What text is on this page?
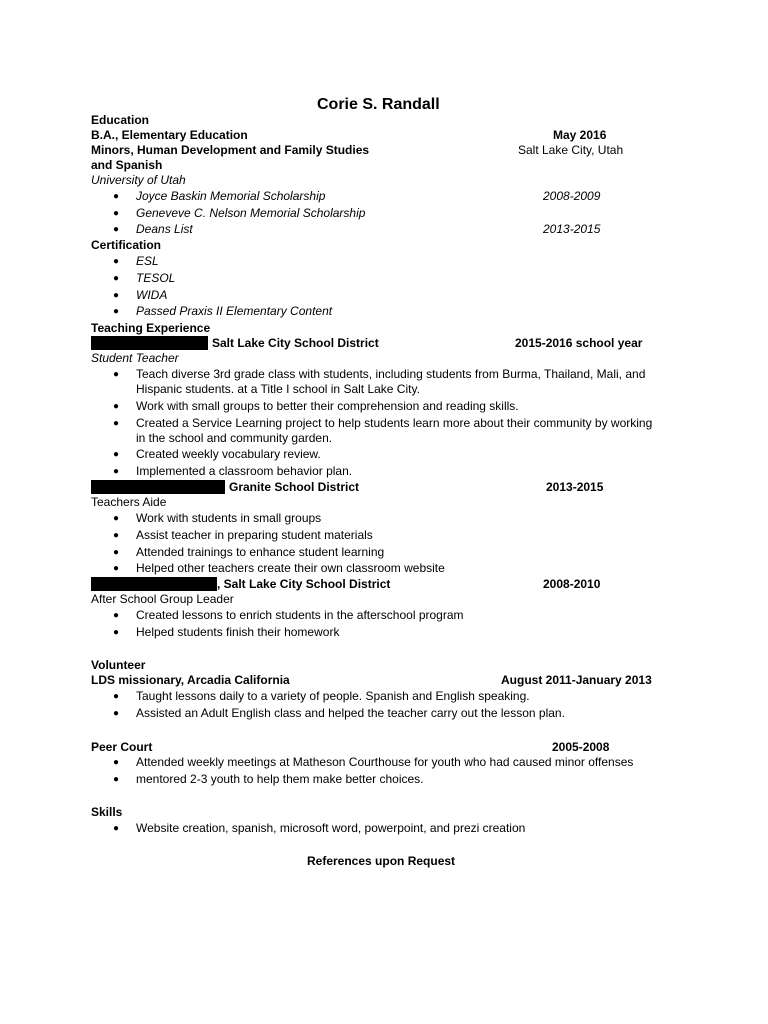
Corie S. Randall
Education
B.A., Elementary Education	May 2016
Minors, Human Development and Family Studies	Salt Lake City, Utah
and Spanish
University of Utah
● Joyce Baskin Memorial Scholarship	2008-2009
● Geneveve C. Nelson Memorial Scholarship
● Deans List	2013-2015
Certification
● ESL
● TESOL
● WIDA
● Passed Praxis II Elementary Content
Teaching Experience
Salt Lake City School District	2015-2016 school year
Student Teacher
● Teach diverse 3rd grade class with students, including students from Burma, Thailand, Mali, and
Hispanic students. at a Title I school in Salt Lake City.
● Work with small groups to better their comprehension and reading skills.
● Created a Service Learning project to help students learn more about their community by working
in the school and community garden.
● Created weekly vocabulary review.
● Implemented a classroom behavior plan.
Granite School District	2013-2015
Teachers Aide
● Work with students in small groups
● Assist teacher in preparing student materials
● Attended trainings to enhance student learning
● Helped other teachers create their own classroom website
, Salt Lake City School District	2008-2010
After School Group Leader
● Created lessons to enrich students in the afterschool program
● Helped students finish their homework
Volunteer
LDS missionary, Arcadia California	August 2011-January 2013
● Taught lessons daily to a variety of people. Spanish and English speaking.
● Assisted an Adult English class and helped the teacher carry out the lesson plan.
Peer Court	2005-2008
● Attended weekly meetings at Matheson Courthouse for youth who had caused minor offenses
● mentored 2-3 youth to help them make better choices.
Skills
● Website creation, spanish, microsoft word, powerpoint, and prezi creation
References upon Request
